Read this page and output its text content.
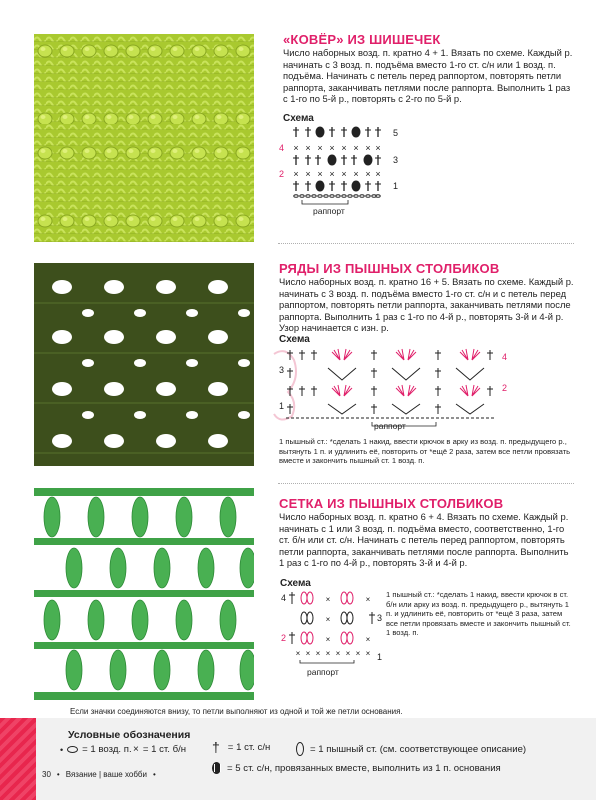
«КОВЁР» ИЗ ШИШЕЧЕК
Число наборных возд. п. кратно 4 + 1. Вязать по схеме. Каждый р. начинать с 3 возд. п. подъёма вместо 1-го ст. с/н или 1 возд. п. подъёма. Начинать с петель перед раппортом, повторять петли раппорта, заканчивать петлями после раппорта. Выполнить 1 раз с 1-го по 5-й р., повторять с 2-го по 5-й р.
Схема
× × × × × × × ×
× × × × × × × ×
4
2
5
3
1
раппорт
РЯДЫ ИЗ ПЫШНЫХ СТОЛБИКОВ
Число наборных возд. п. кратно 16 + 5. Вязать по схеме. Каждый р. начинать с 3 возд. п. подъёма вместо 1-го ст. с/н и с петель перед раппортом, повторять петли раппорта, заканчивать петлями после раппорта. Выполнить 1 раз с 1-го по 4-й р., повторять 3-й и 4-й р. Узор начинается с изн. р.
Схема
3
1
4
2
раппорт
1 пышный ст.: *сделать 1 накид, ввести крючок в арку из возд. п. предыдущего р., вытянуть 1 п. и удлинить её, повторить от *ещё 2 раза, затем все петли провязать вместе и закончить пышный ст. 1 возд. п.
СЕТКА ИЗ ПЫШНЫХ СТОЛБИКОВ
Число наборных возд. п. кратно 6 + 4. Вязать по схеме. Каждый р. начинать с 1 или 3 возд. п. подъёма вместо, соответственно, 1-го ст. б/н или ст. с/н. Начинать с петель перед раппортом, повторять петли раппорта, заканчивать петлями после раппорта. Выполнить 1 раз с 1-го по 4-й р., повторять 3-й и 4-й р.
Схема
×	×
×
×	×
× × × × × × × ×
4
2
3
1
раппорт
1 пышный ст.: *сделать 1 накид, ввести крючок в ст. б/н или арку из возд. п. предыдущего р., вытянуть 1 п. и удлинить её, повторить от *ещё 3 раза, затем все петли провязать вместе и закончить пышный ст. 1 возд. п.
Если значки соединяются внизу, то петли выполняют из одной и той же петли основания.
Условные обозначения
• = 1 возд. п. × = 1 ст. б/н † = 1 ст. с/н	= 1 пышный ст. (см. соответствующее описание)
= 5 ст. с/н, провязанных вместе, выполнить из 1 п. основания
30 • Вязание | ваше хобби •
